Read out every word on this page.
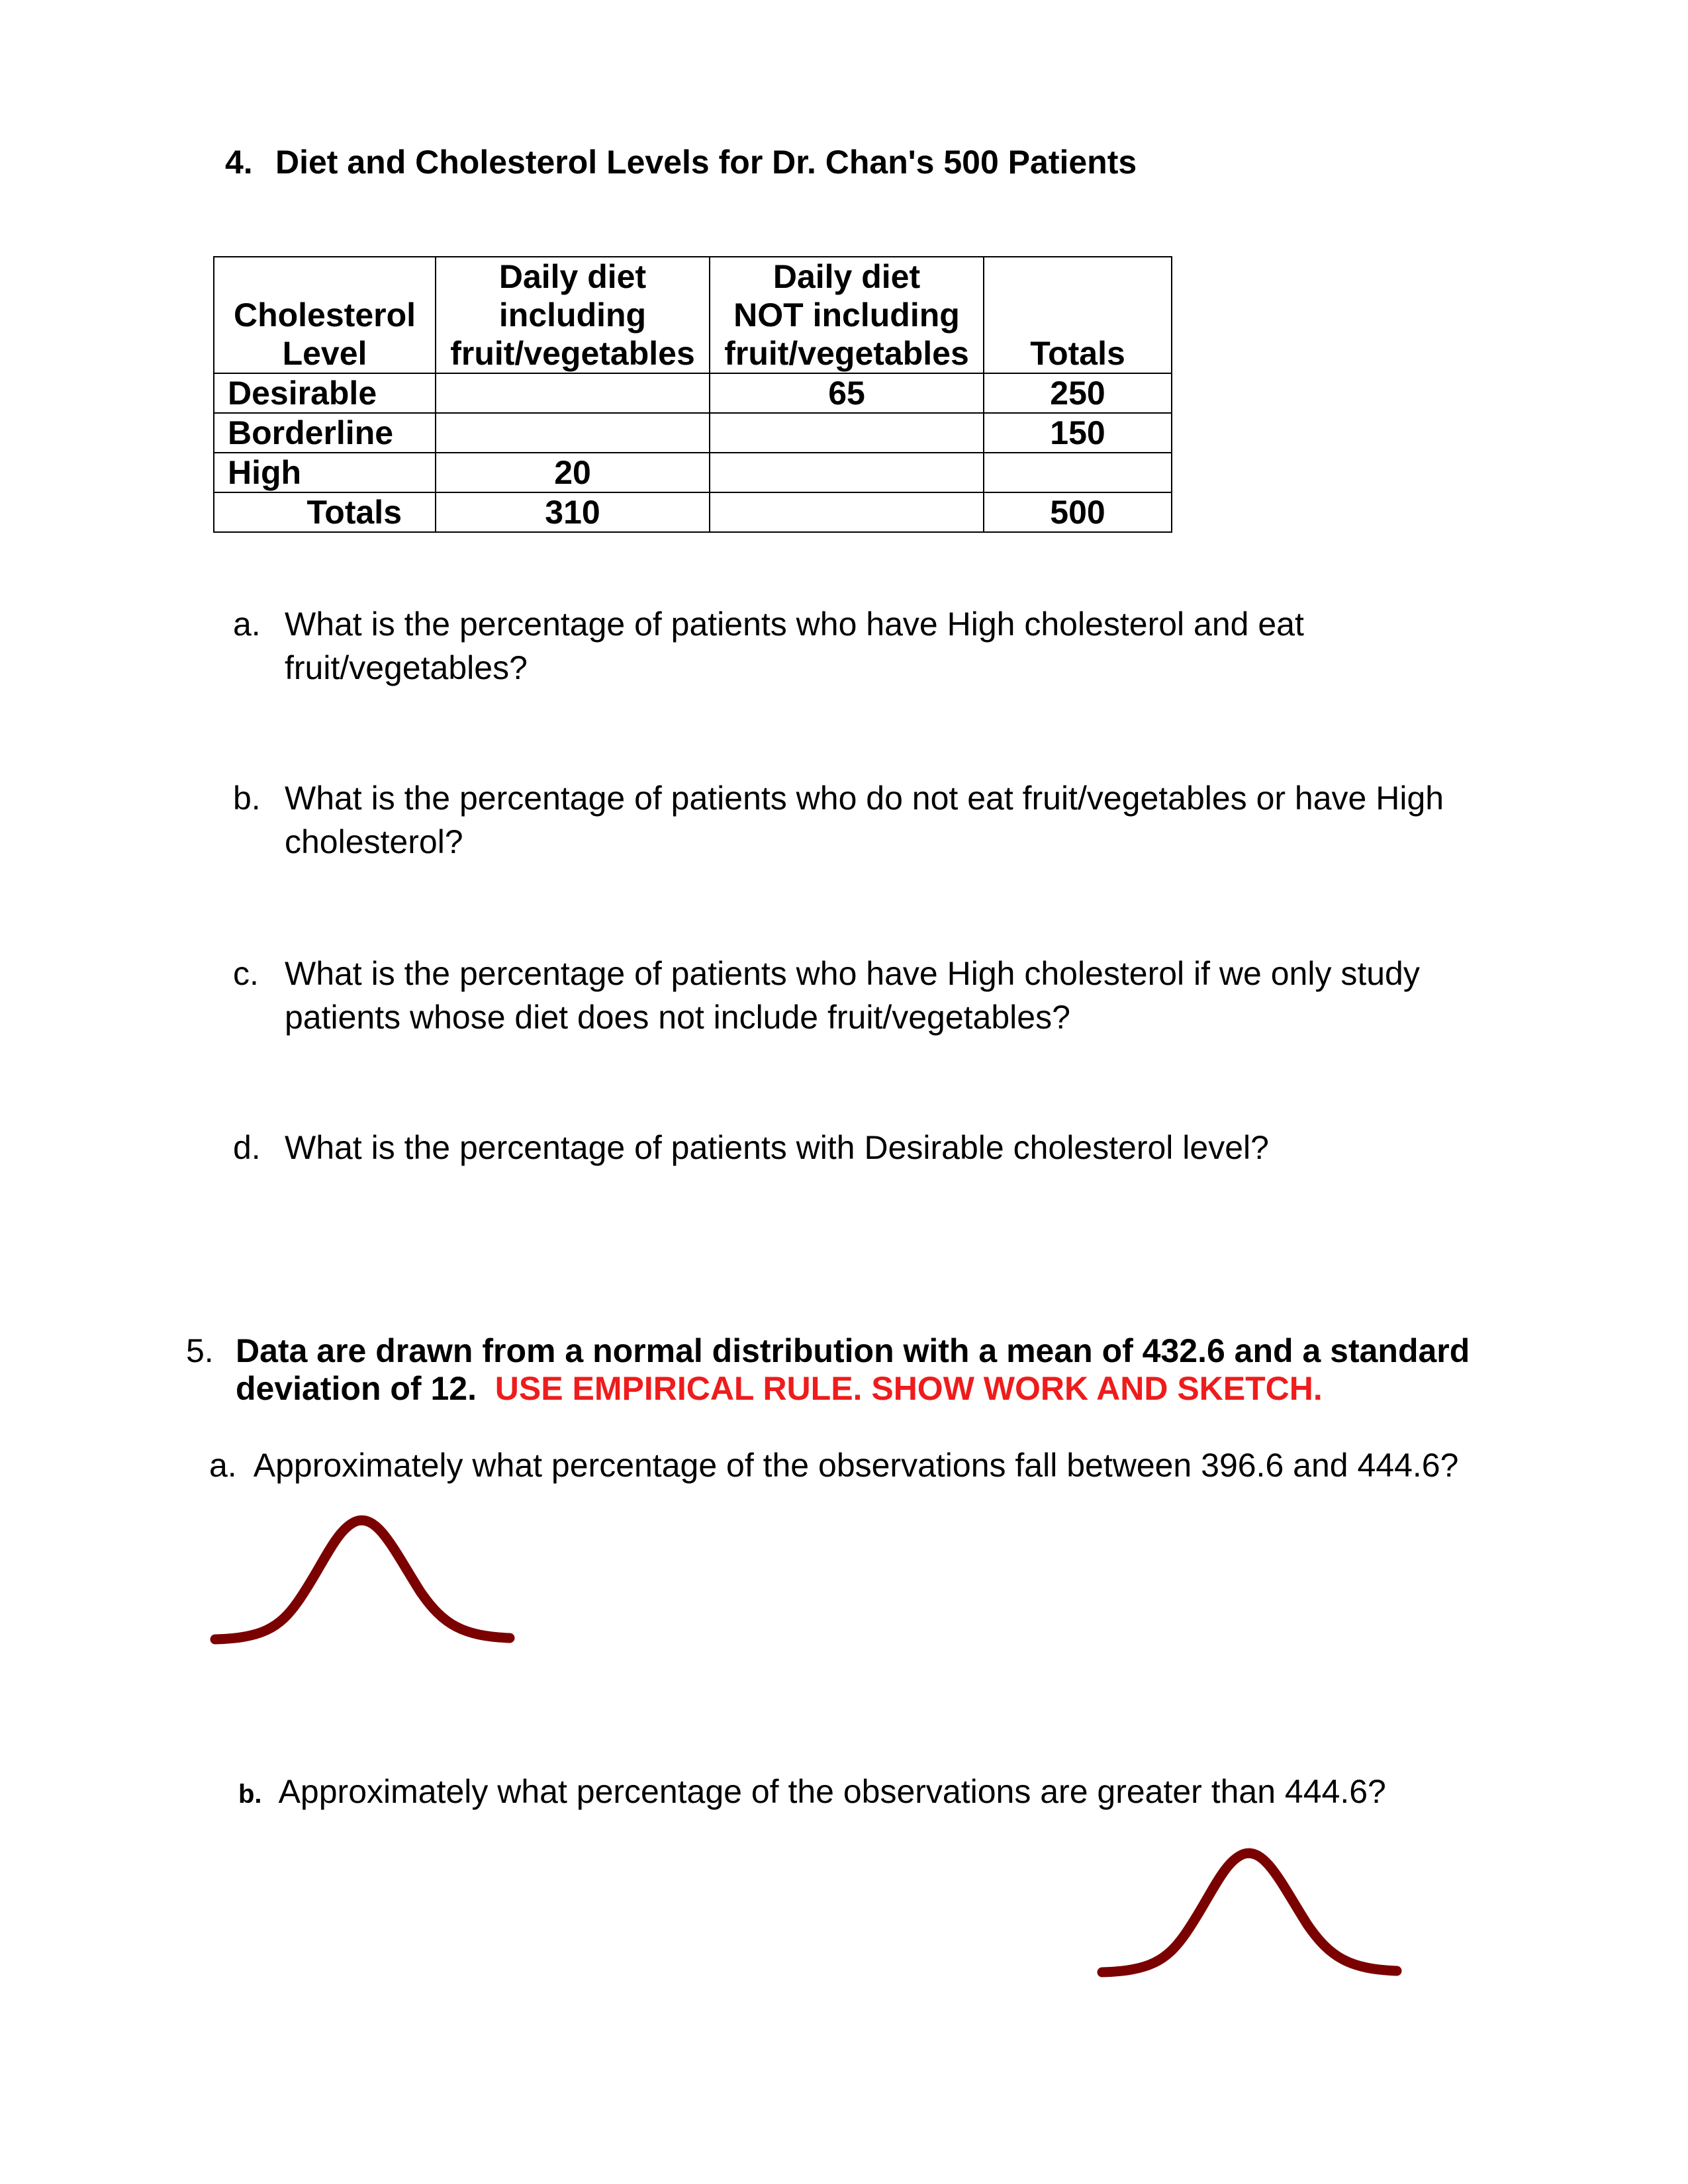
4. Diet and Cholesterol Levels for Dr. Chan's 500 Patients
Cholesterol
Level	Daily diet
including
fruit/vegetables	Daily diet
NOT including
fruit/vegetables	Totals

Desirable		65	250
Borderline			150
High	20		
Totals	310		500
a. What is the percentage of patients who have High cholesterol and eat fruit/vegetables?
b. What is the percentage of patients who do not eat fruit/vegetables or have High cholesterol?
c. What is the percentage of patients who have High cholesterol if we only study patients whose diet does not include fruit/vegetables?
d. What is the percentage of patients with Desirable cholesterol level?
5. Data are drawn from a normal distribution with a mean of 432.6 and a standard
deviation of 12. USE EMPIRICAL RULE. SHOW WORK AND SKETCH.
a. Approximately what percentage of the observations fall between 396.6 and 444.6?
b. Approximately what percentage of the observations are greater than 444.6?
